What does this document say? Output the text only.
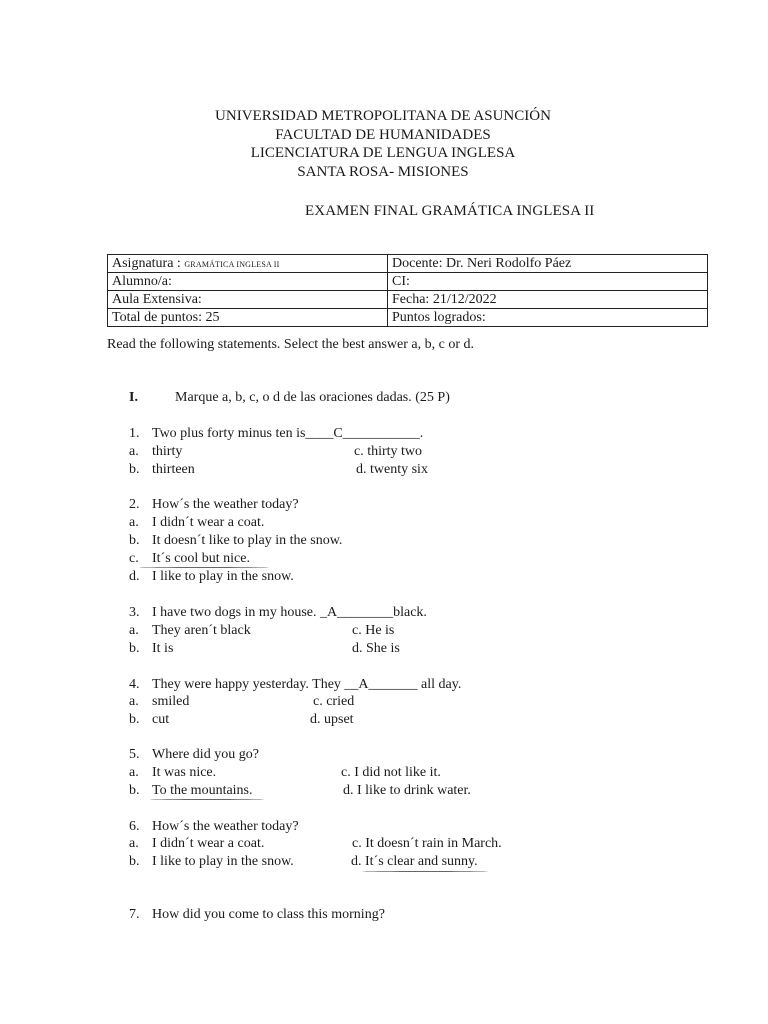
UNIVERSIDAD METROPOLITANA DE ASUNCIÓN
FACULTAD DE HUMANIDADES
LICENCIATURA DE LENGUA INGLESA
SANTA ROSA- MISIONES
EXAMEN FINAL GRAMÁTICA INGLESA II
Asignatura : GRAMÁTICA INGLESA II	Docente: Dr. Neri Rodolfo Páez
Alumno/a:	CI:
Aula Extensiva:	Fecha: 21/12/2022
Total de puntos: 25	Puntos logrados:
Read the following statements. Select the best answer a, b, c or d.
I.	Marque a, b, c, o d de las oraciones dadas. (25 P)
1. Two plus forty minus ten is____C___________.
a. thirty
b. thirteen
c. thirty two
d. twenty six
2. How´s the weather today?
a. I didn´t wear a coat.
b. It doesn´t like to play in the snow.
c. It´s cool but nice.
d. I like to play in the snow.
3. I have two dogs in my house. _A________black.
a. They aren´t black
b. It is
c. He is
d. She is
4. They were happy yesterday. They __A_______ all day.
a. smiled
b. cut
c. cried
d. upset
5. Where did you go?
a. It was nice.
b. To the mountains.
c. I did not like it.
d. I like to drink water.
6. How´s the weather today?
a. I didn´t wear a coat.
b. I like to play in the snow.
c. It doesn´t rain in March.
d. It´s clear and sunny.
7. How did you come to class this morning?
